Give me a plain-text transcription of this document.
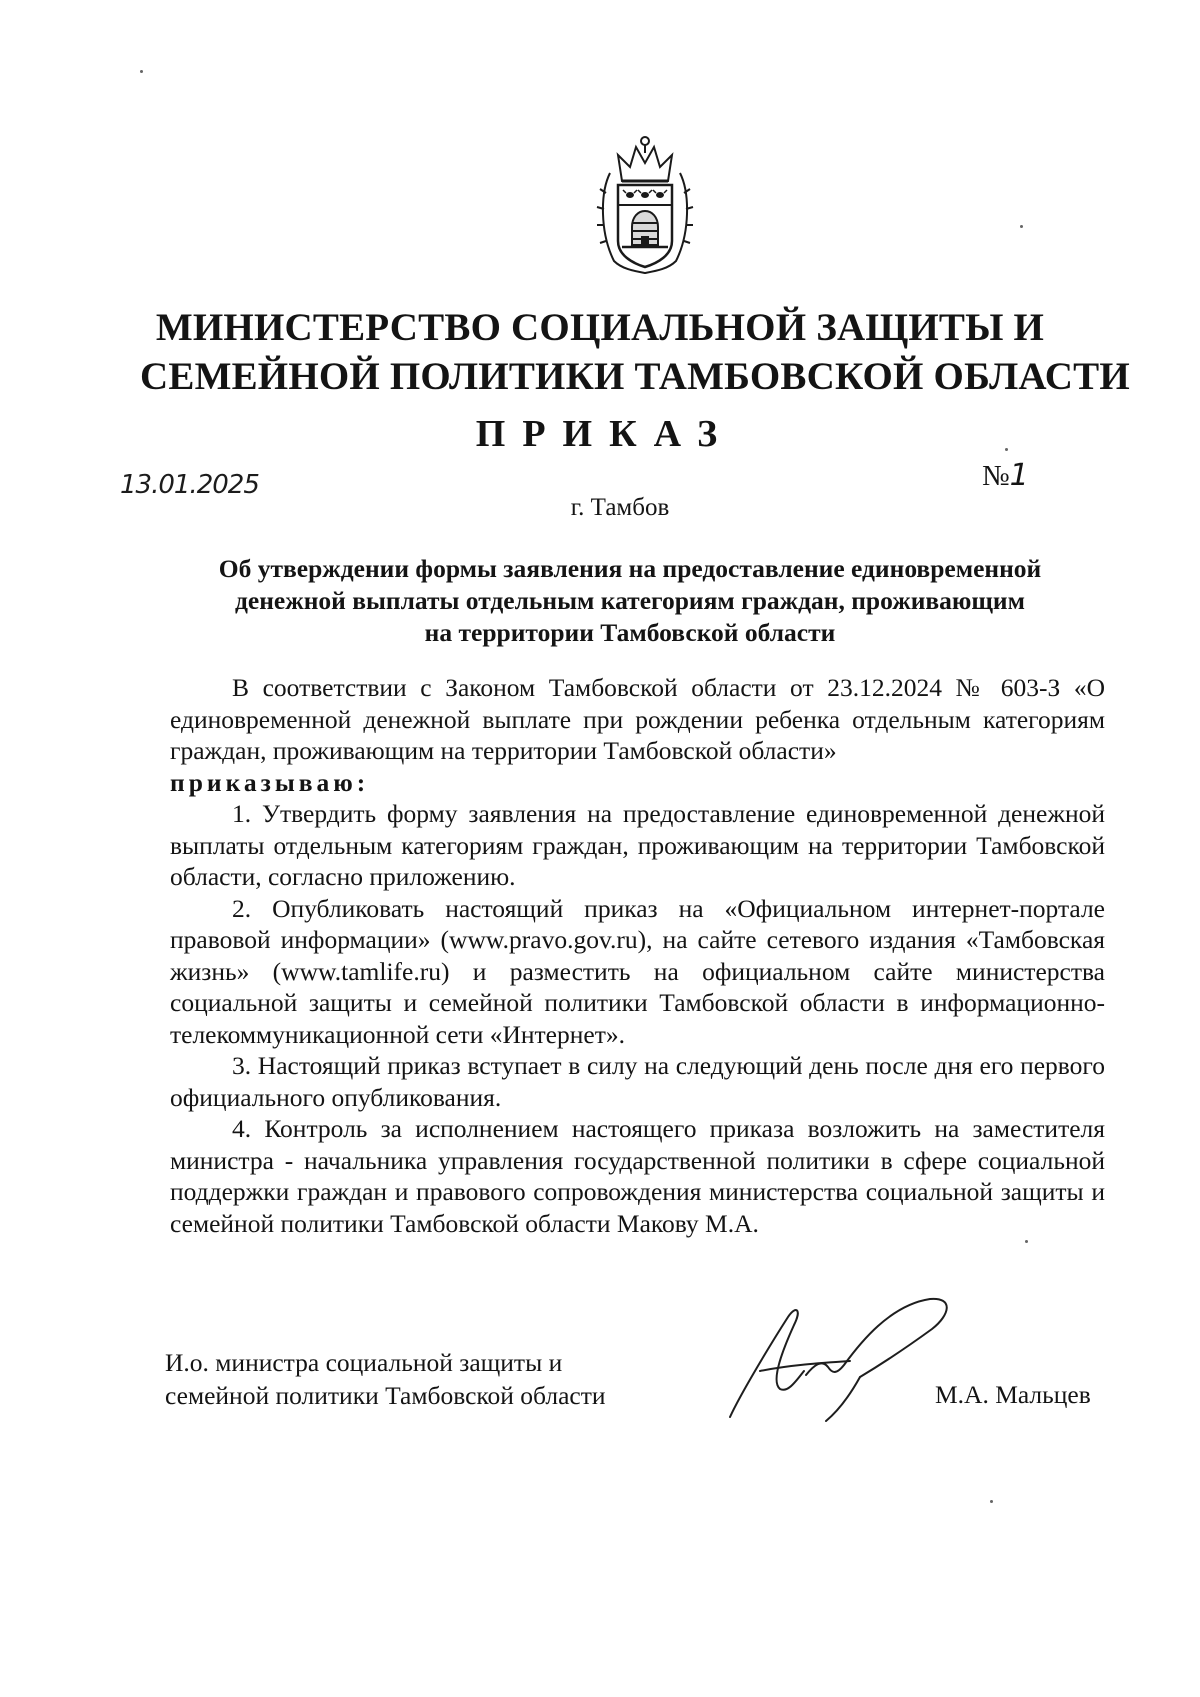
МИНИСТЕРСТВО СОЦИАЛЬНОЙ ЗАЩИТЫ И
СЕМЕЙНОЙ ПОЛИТИКИ ТАМБОВСКОЙ ОБЛАСТИ
ПРИКАЗ
13.01.2025	№1
г. Тамбов
Об утверждении формы заявления на предоставление единовременной
денежной выплаты отдельным категориям граждан, проживающим
на территории Тамбовской области

В соответствии с Законом Тамбовской области от 23.12.2024 № 603-З «О единовременной денежной выплате при рождении ребенка отдельным категориям граждан, проживающим на территории Тамбовской области»
приказываю:

1. Утвердить форму заявления на предоставление единовременной денежной выплаты отдельным категориям граждан, проживающим на территории Тамбовской области, согласно приложению.

2. Опубликовать настоящий приказ на «Официальном интернет-портале правовой информации» (www.pravo.gov.ru), на сайте сетевого издания «Тамбовская жизнь» (www.tamlife.ru) и разместить на официальном сайте министерства социальной защиты и семейной политики Тамбовской области в информационно-телекоммуникационной сети «Интернет».

3. Настоящий приказ вступает в силу на следующий день после дня его первого официального опубликования.

4. Контроль за исполнением настоящего приказа возложить на заместителя министра - начальника управления государственной политики в сфере социальной поддержки граждан и правового сопровождения министерства социальной защиты и семейной политики Тамбовской области Макову М.А.

И.о. министра социальной защиты и
семейной политики Тамбовской области	М.А. Мальцев
